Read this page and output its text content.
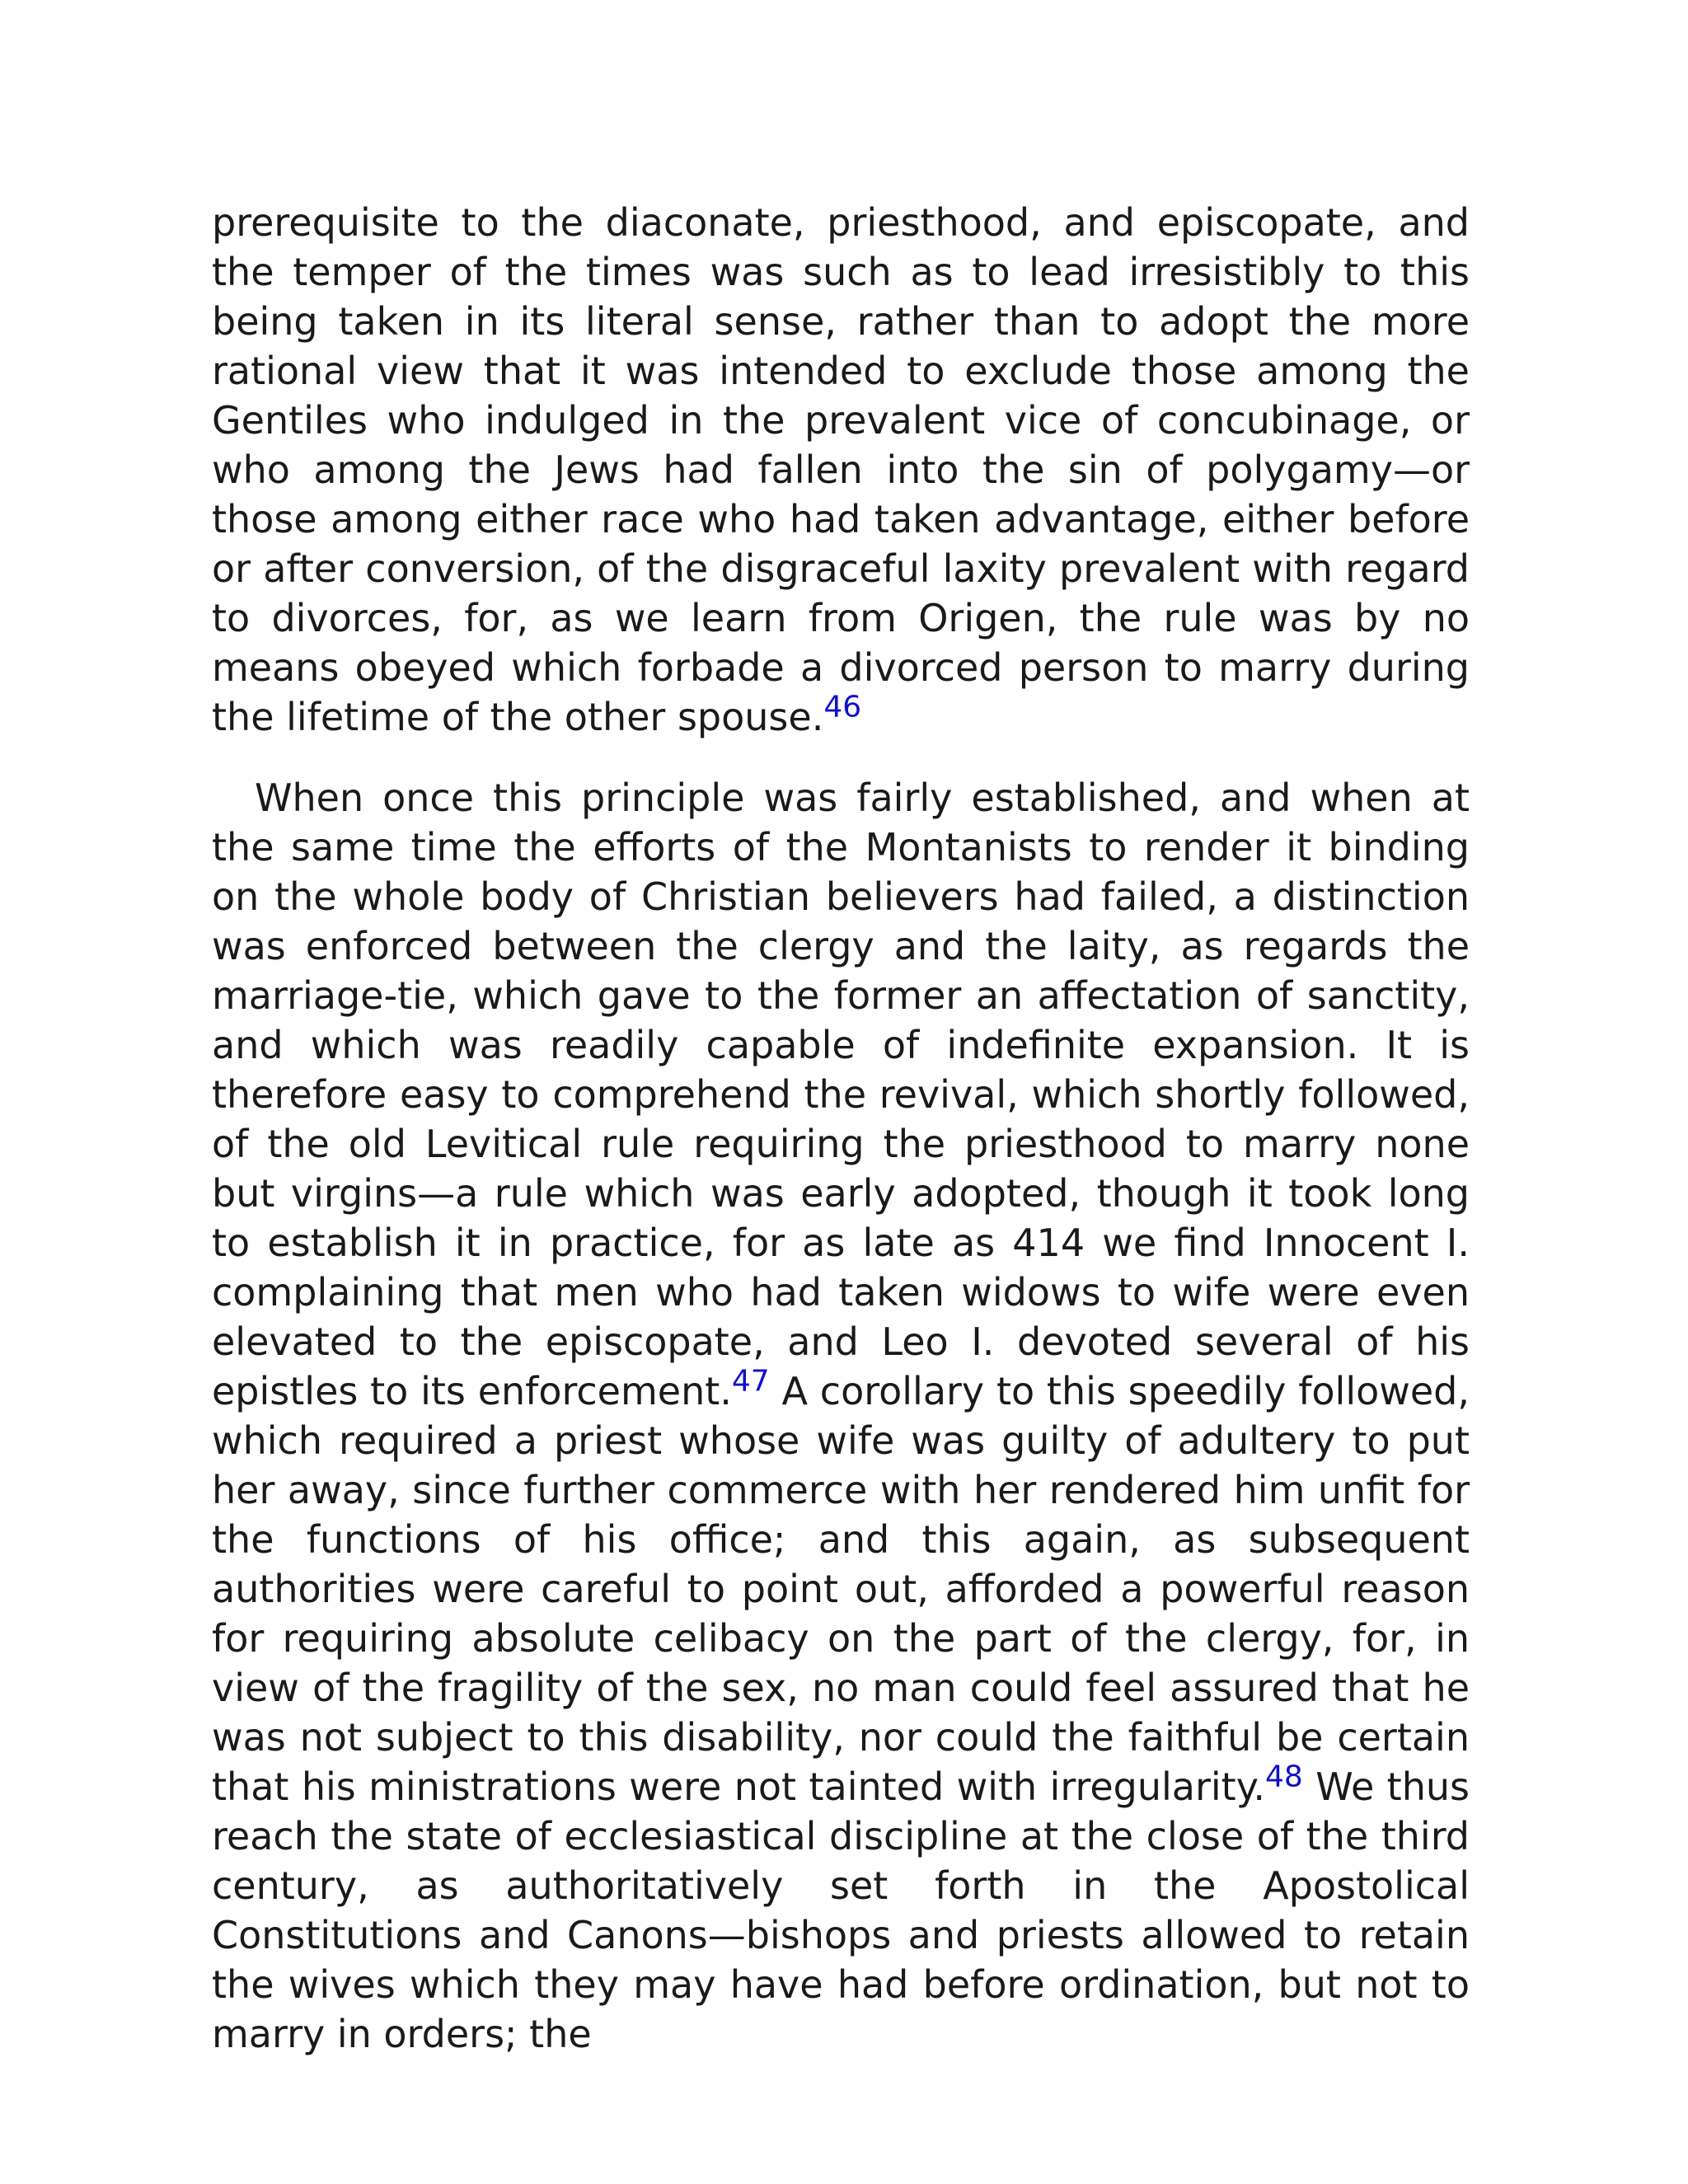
prerequisite to the diaconate, priesthood, and episcopate, and the temper of the times was such as to lead irresistibly to this being taken in its literal sense, rather than to adopt the more rational view that it was intended to exclude those among the Gentiles who indulged in the prevalent vice of concubinage, or who among the Jews had fallen into the sin of polygamy—or those among either race who had taken advantage, either before or after conversion, of the disgraceful laxity prevalent with regard to divorces, for, as we learn from Origen, the rule was by no means obeyed which forbade a divorced person to marry during the lifetime of the other spouse.$^{46}$

When once this principle was fairly established, and when at the same time the efforts of the Montanists to render it binding on the whole body of Christian believers had failed, a distinction was enforced between the clergy and the laity, as regards the marriage-tie, which gave to the former an affectation of sanctity, and which was readily capable of indefinite expansion. It is therefore easy to comprehend the revival, which shortly followed, of the old Levitical rule requiring the priesthood to marry none but virgins—a rule which was early adopted, though it took long to establish it in practice, for as late as 414 we find Innocent I. complaining that men who had taken widows to wife were even elevated to the episcopate, and Leo I. devoted several of his epistles to its enforcement.$^{47}$ A corollary to this speedily followed, which required a priest whose wife was guilty of adultery to put her away, since further commerce with her rendered him unfit for the functions of his office; and this again, as subsequent authorities were careful to point out, afforded a powerful reason for requiring absolute celibacy on the part of the clergy, for, in view of the fragility of the sex, no man could feel assured that he was not subject to this disability, nor could the faithful be certain that his ministrations were not tainted with irregularity.$^{48}$ We thus reach the state of ecclesiastical discipline at the close of the third century, as authoritatively set forth in the Apostolical Constitutions and Canons—bishops and priests allowed to retain the wives which they may have had before ordination, but not to marry in orders; the
